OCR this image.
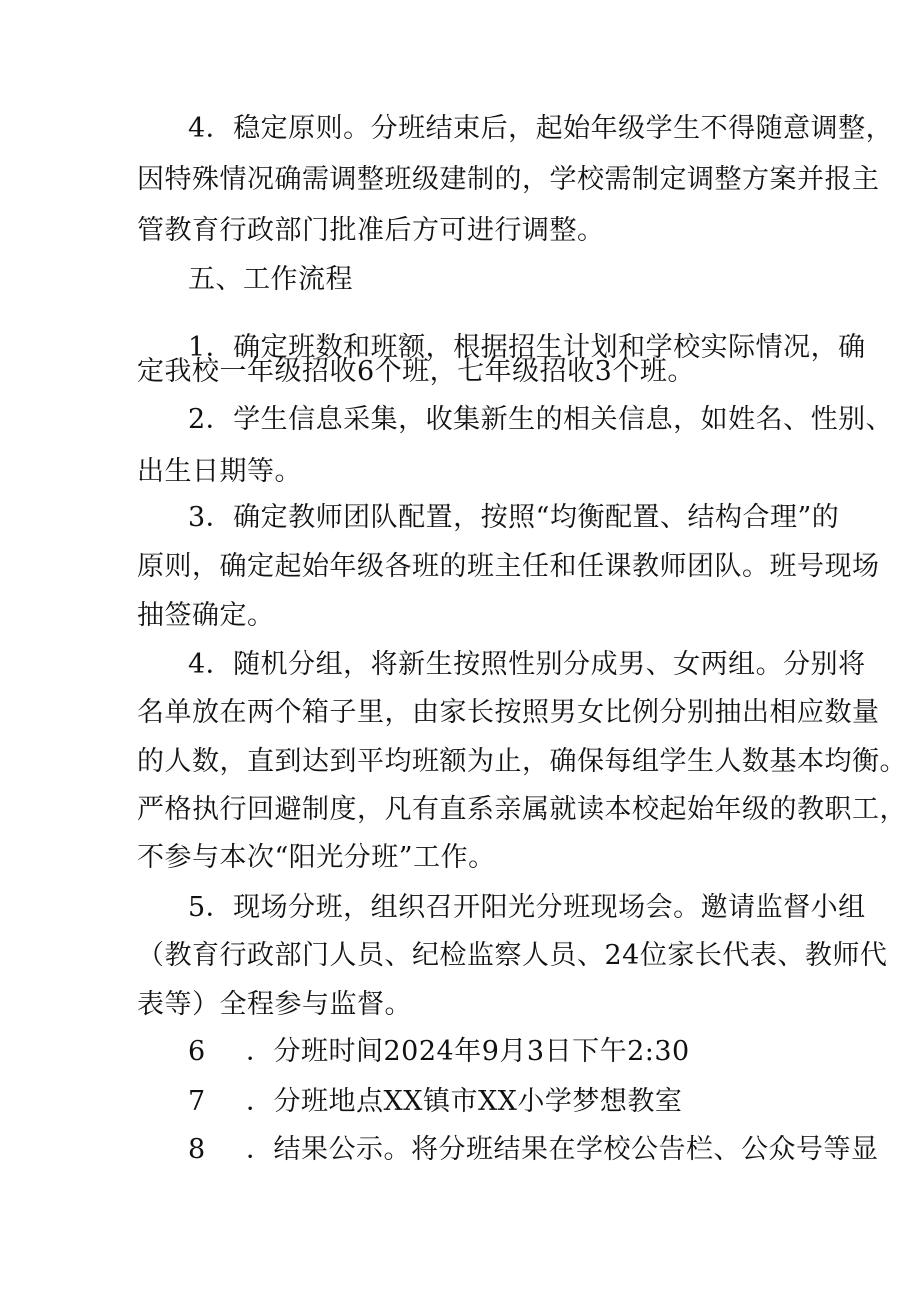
4．稳定原则。分班结束后，起始年级学生不得随意调整，
因特殊情况确需调整班级建制的，学校需制定调整方案并报主
管教育行政部门批准后方可进行调整。
五、工作流程
1．确定班数和班额，根据招生计划和学校实际情况，确
定我校一年级招收6个班，七年级招收3个班。
2．学生信息采集，收集新生的相关信息，如姓名、性别、
出生日期等。
3．确定教师团队配置，按照“均衡配置、结构合理”的
原则，确定起始年级各班的班主任和任课教师团队。班号现场
抽签确定。
4．随机分组，将新生按照性别分成男、女两组。分别将
名单放在两个箱子里，由家长按照男女比例分别抽出相应数量
的人数，直到达到平均班额为止，确保每组学生人数基本均衡。
严格执行回避制度，凡有直系亲属就读本校起始年级的教职工，
不参与本次“阳光分班”工作。
5．现场分班，组织召开阳光分班现场会。邀请监督小组
（教育行政部门人员、纪检监察人员、24位家长代表、教师代
表等）全程参与监督。
6 ．分班时间2024年9月3日下午2:30
7 ．分班地点XX镇市XX小学梦想教室
8 ．结果公示。将分班结果在学校公告栏、公众号等显
